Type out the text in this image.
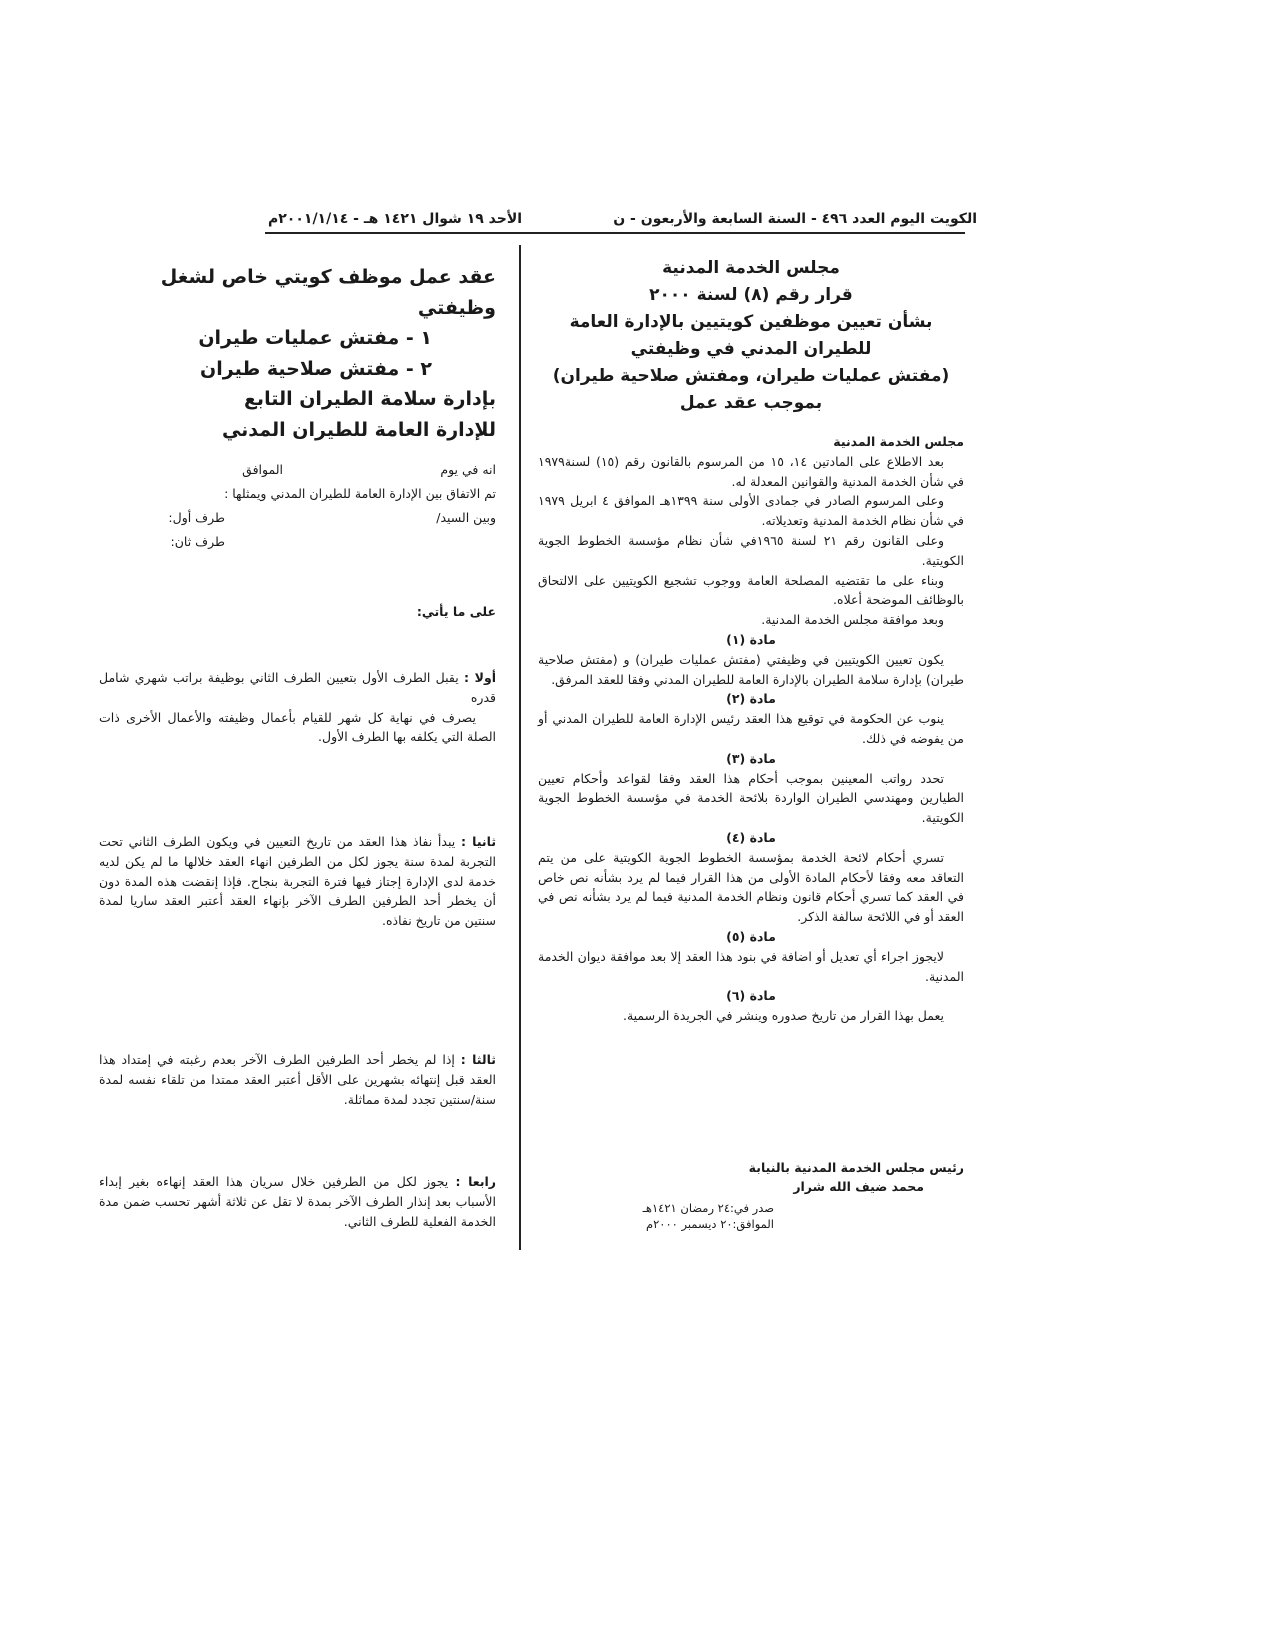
الكويت اليوم العدد ٤٩٦ - السنة السابعة والأربعون - ن
الأحد ١٩ شوال ١٤٢١ هـ - ٢٠٠١/١/١٤م

مجلس الخدمة المدنية

قرار رقم (٨) لسنة ٢٠٠٠

بشأن تعيين موظفين كويتيين بالإدارة العامة

للطيران المدني في وظيفتي

(مفتش عمليات طيران، ومفتش صلاحية طيران)

بموجب عقد عمل

مجلس الخدمة المدنية

بعد الاطلاع على المادتين ١٤، ١٥ من المرسوم بالقانون رقم (١٥) لسنة١٩٧٩ في شأن الخدمة المدنية والقوانين المعدلة له.

وعلى المرسوم الصادر في جمادى الأولى سنة ١٣٩٩هـ الموافق ٤ ابريل ١٩٧٩ في شأن نظام الخدمة المدنية وتعديلاته.

وعلى القانون رقم ٢١ لسنة ١٩٦٥في شأن نظام مؤسسة الخطوط الجوية الكويتية.

وبناء على ما تقتضيه المصلحة العامة ووجوب تشجيع الكويتيين على الالتحاق بالوظائف الموضحة أعلاه.

وبعد موافقة مجلس الخدمة المدنية.

مادة (١)

يكون تعيين الكويتيين في وظيفتي (مفتش عمليات طيران) و (مفتش صلاحية طيران) بإدارة سلامة الطيران بالإدارة العامة للطيران المدني وفقا للعقد المرفق.

مادة (٢)

ينوب عن الحكومة في توقيع هذا العقد رئيس الإدارة العامة للطيران المدني أو من يفوضه في ذلك.

مادة (٣)

تحدد رواتب المعينين بموجب أحكام هذا العقد وفقا لقواعد وأحكام تعيين الطيارين ومهندسي الطيران الواردة بلائحة الخدمة في مؤسسة الخطوط الجوية الكويتية.

مادة (٤)

تسري أحكام لائحة الخدمة بمؤسسة الخطوط الجوية الكويتية على من يتم التعاقد معه وفقا لأحكام المادة الأولى من هذا القرار فيما لم يرد بشأنه نص خاص في العقد كما تسري أحكام قانون ونظام الخدمة المدنية فيما لم يرد بشأنه نص في العقد أو في اللائحة سالفة الذكر.

مادة (٥)

لايجوز اجراء أي تعديل أو اضافة في بنود هذا العقد إلا بعد موافقة ديوان الخدمة المدنية.

مادة (٦)

يعمل بهذا القرار من تاريخ صدوره وينشر في الجريدة الرسمية.

رئيس مجلس الخدمة المدنية بالنيابة

محمد ضيف الله شرار

صدر في:٢٤ رمضان ١٤٢١هـ

الموافق:٢٠ ديسمبر ٢٠٠٠م

عقد عمل موظف كويتي خاص لشغل وظيفتي

١ - مفتش عمليات طيران

٢ - مفتش صلاحية طيران

بإدارة سلامة الطيران التابع

للإدارة العامة للطيران المدني

انه في يوم
الموافق
تم الاتفاق بين الإدارة العامة للطيران المدني ويمثلها :
وبين السيد/
طرف أول:
طرف ثان:
على ما يأتي:

أولا : يقبل الطرف الأول بتعيين الطرف الثاني بوظيفة براتب شهري شامل قدره

يصرف في نهاية كل شهر للقيام بأعمال وظيفته والأعمال الأخرى ذات الصلة التي يكلفه بها الطرف الأول.

ثانيا : يبدأ نفاذ هذا العقد من تاريخ التعيين في ويكون الطرف الثاني تحت التجربة لمدة سنة يجوز لكل من الطرفين انهاء العقد خلالها ما لم يكن لديه خدمة لدى الإدارة إجتاز فيها فترة التجربة بنجاح. فإذا إنقضت هذه المدة دون أن يخطر أحد الطرفين الطرف الآخر بإنهاء العقد أعتبر العقد ساريا لمدة سنتين من تاريخ نفاذه.

ثالثا : إذا لم يخطر أحد الطرفين الطرف الآخر بعدم رغبته في إمتداد هذا العقد قبل إنتهائه بشهرين على الأقل أعتبر العقد ممتدا من تلقاء نفسه لمدة سنة/سنتين تجدد لمدة مماثلة.

رابعا : يجوز لكل من الطرفين خلال سريان هذا العقد إنهاءه بغير إبداء الأسباب بعد إنذار الطرف الآخر بمدة لا تقل عن ثلاثة أشهر تحسب ضمن مدة الخدمة الفعلية للطرف الثاني.
